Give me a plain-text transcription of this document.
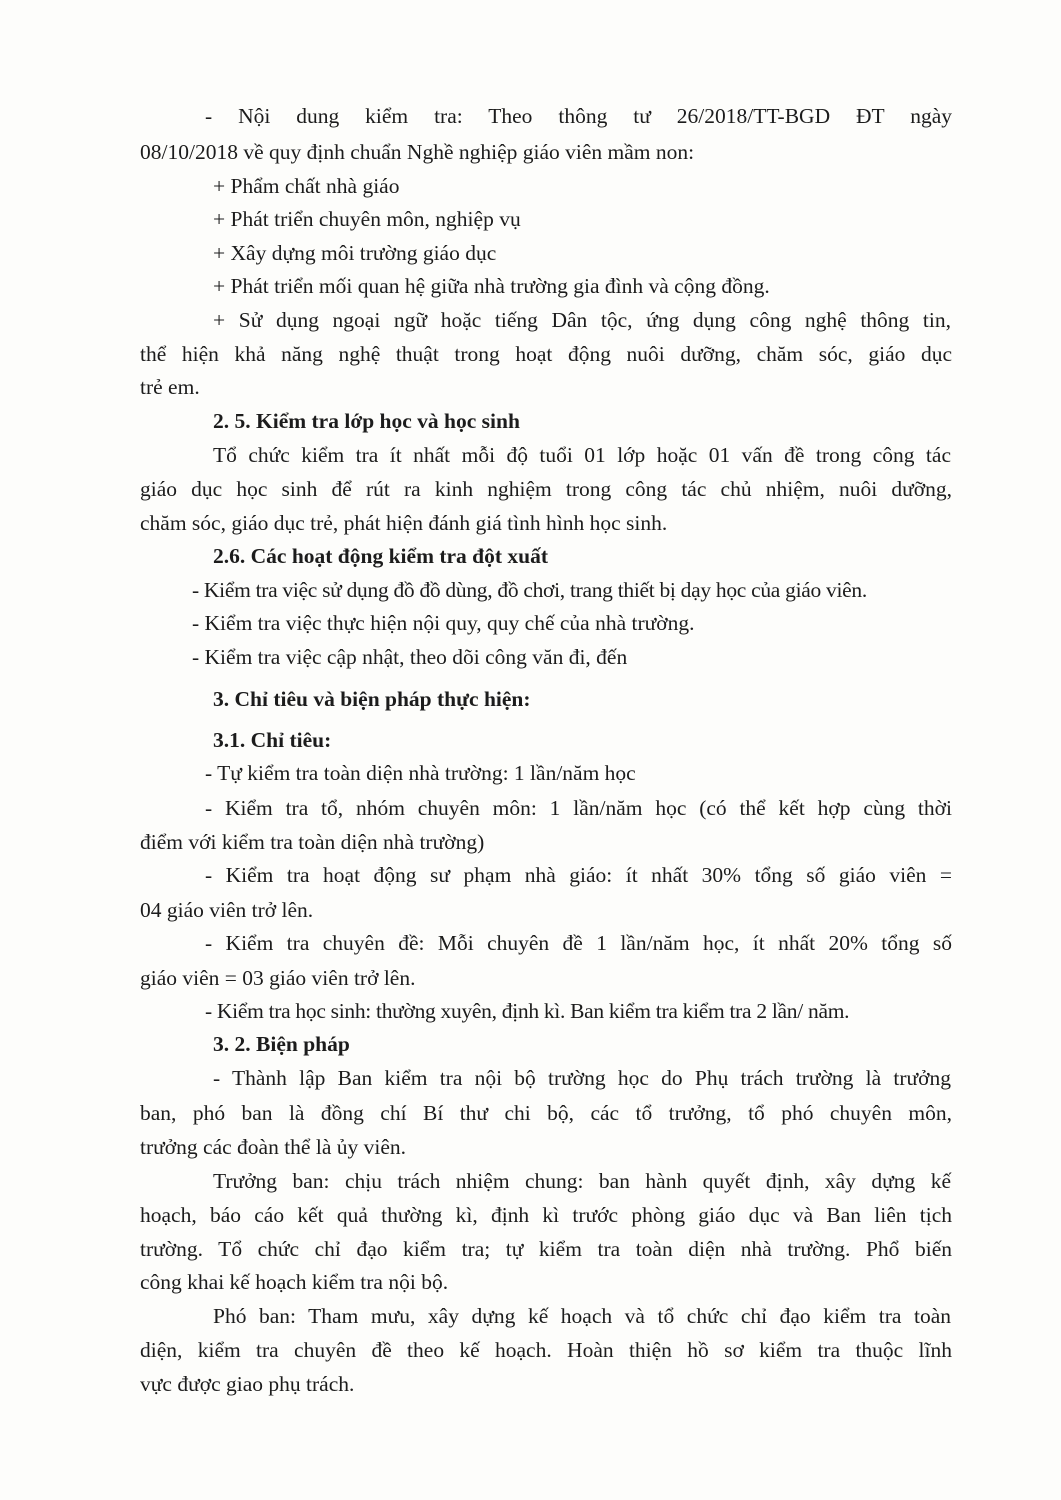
- Nội dung kiểm tra: Theo thông tư 26/2018/TT-BGD ĐT ngày
08/10/2018 về quy định chuẩn Nghề nghiệp giáo viên mầm non:
+ Phẩm chất nhà giáo
+ Phát triển chuyên môn, nghiệp vụ
+ Xây dựng môi trường giáo dục
+ Phát triển mối quan hệ giữa nhà trường gia đình và cộng đồng.
+ Sử dụng ngoại ngữ hoặc tiếng Dân tộc, ứng dụng công nghệ thông tin,
thể hiện khả năng nghệ thuật trong hoạt động nuôi dưỡng, chăm sóc, giáo dục
trẻ em.
2. 5. Kiểm tra lớp học và học sinh
Tổ chức kiểm tra ít nhất mỗi độ tuổi 01 lớp hoặc 01 vấn đề trong công tác
giáo dục học sinh để rút ra kinh nghiệm trong công tác chủ nhiệm, nuôi dưỡng,
chăm sóc, giáo dục trẻ, phát hiện đánh giá tình hình học sinh.
2.6. Các hoạt động kiểm tra đột xuất
- Kiểm tra việc sử dụng đồ đồ dùng, đồ chơi, trang thiết bị dạy học của giáo viên.
- Kiểm tra việc thực hiện nội quy, quy chế của nhà trường.
- Kiểm tra việc cập nhật, theo dõi công văn đi, đến
3. Chỉ tiêu và biện pháp thực hiện:
3.1. Chỉ tiêu:
- Tự kiểm tra toàn diện nhà trường: 1 lần/năm học
- Kiểm tra tổ, nhóm chuyên môn: 1 lần/năm học (có thể kết hợp cùng thời
điểm với kiểm tra toàn diện nhà trường)
- Kiểm tra hoạt động sư phạm nhà giáo: ít nhất 30% tổng số giáo viên =
04 giáo viên trở lên.
- Kiểm tra chuyên đề: Mỗi chuyên đề 1 lần/năm học, ít nhất 20% tổng số
giáo viên = 03 giáo viên trở lên.
- Kiểm tra học sinh: thường xuyên, định kì. Ban kiểm tra kiểm tra 2 lần/ năm.
3. 2. Biện pháp
- Thành lập Ban kiểm tra nội bộ trường học do Phụ trách trường là trưởng
ban, phó ban là đồng chí Bí thư chi bộ, các tổ trưởng, tổ phó chuyên môn,
trưởng các đoàn thể là ủy viên.
Trưởng ban: chịu trách nhiệm chung: ban hành quyết định, xây dựng kế
hoạch, báo cáo kết quả thường kì, định kì trước phòng giáo dục và Ban liên tịch
trường. Tổ chức chỉ đạo kiểm tra; tự kiểm tra toàn diện nhà trường. Phổ biến
công khai kế hoạch kiểm tra nội bộ.
Phó ban: Tham mưu, xây dựng kế hoạch và tổ chức chỉ đạo kiểm tra toàn
diện, kiểm tra chuyên đề theo kế hoạch. Hoàn thiện hồ sơ kiểm tra thuộc lĩnh
vực được giao phụ trách.
